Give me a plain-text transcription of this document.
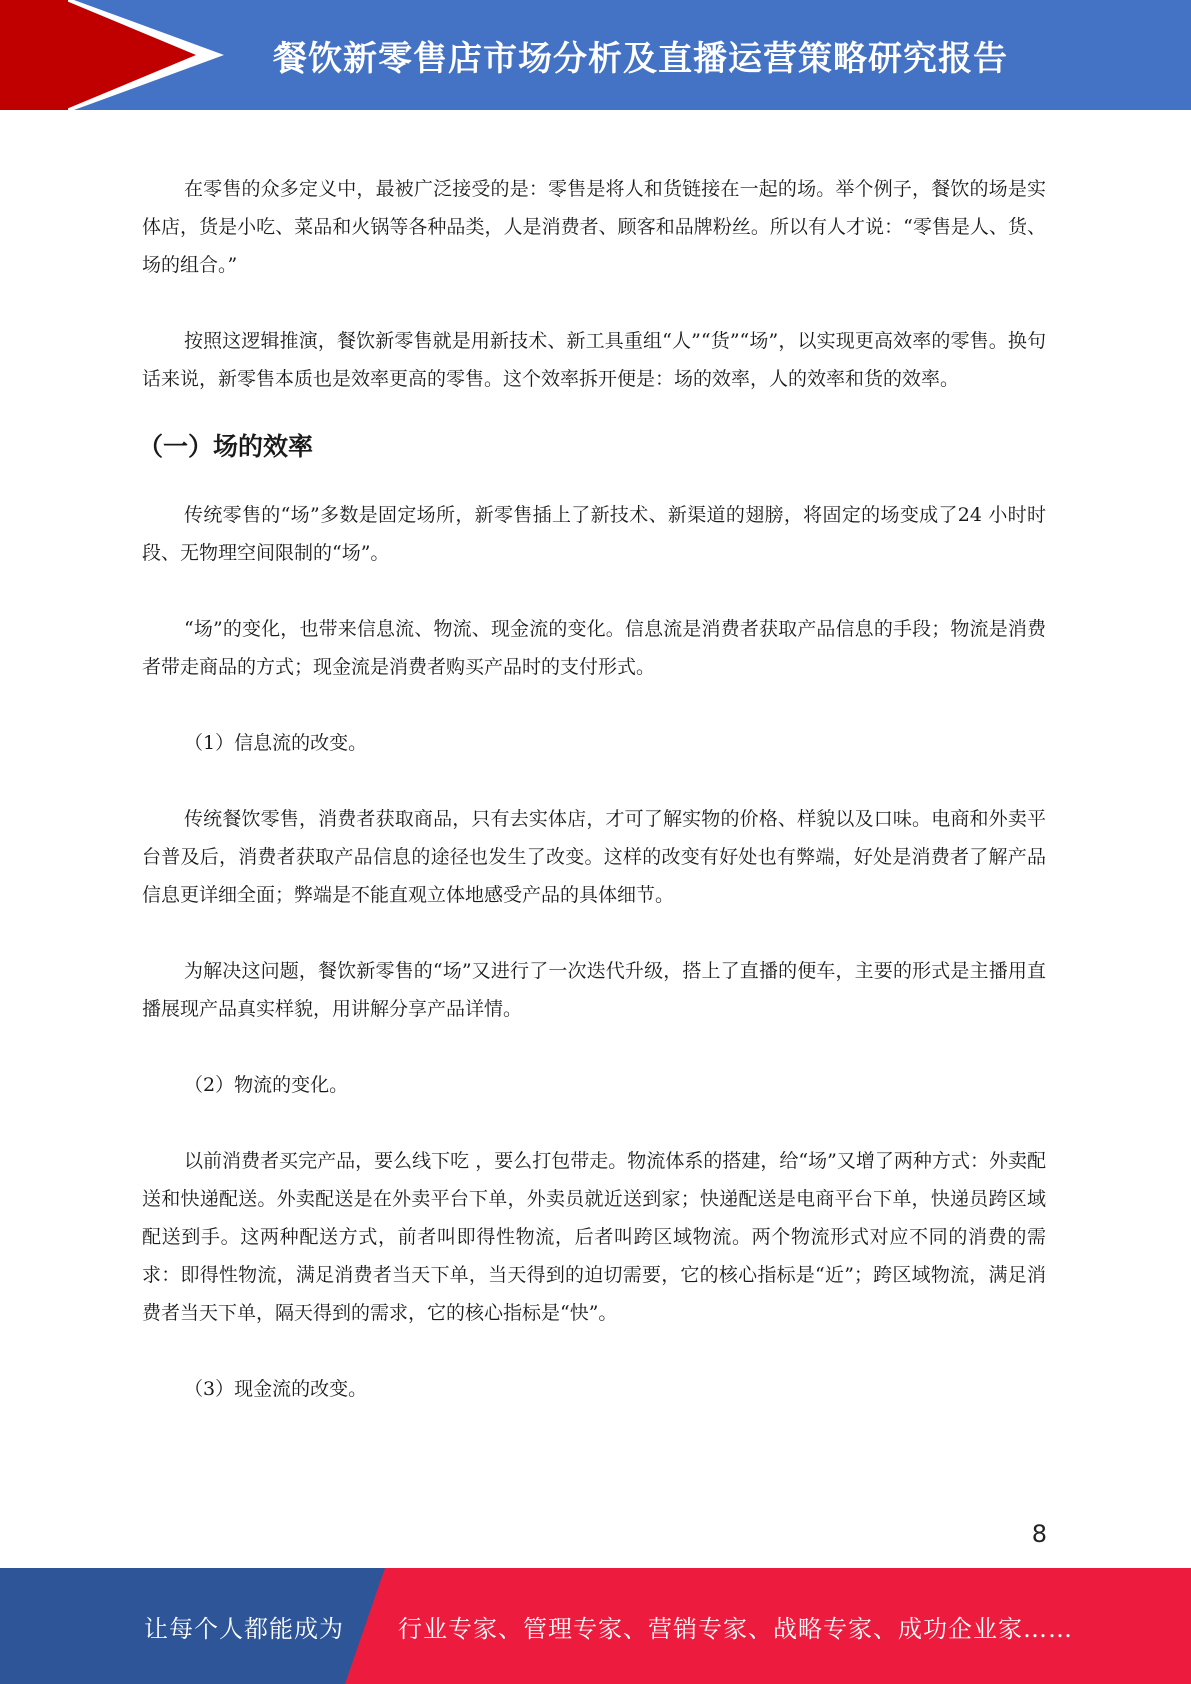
餐饮新零售店市场分析及直播运营策略研究报告

在零售的众多定义中，最被广泛接受的是：零售是将人和货链接在一起的场。举个例子，餐饮的场是实体店，货是小吃、菜品和火锅等各种品类，人是消费者、顾客和品牌粉丝。所以有人才说：“零售是人、货、场的组合。”

按照这逻辑推演，餐饮新零售就是用新技术、新工具重组“人”“货”“场”，以实现更高效率的零售。换句话来说，新零售本质也是效率更高的零售。这个效率拆开便是：场的效率，人的效率和货的效率。

（一）场的效率

传统零售的“场”多数是固定场所，新零售插上了新技术、新渠道的翅膀，将固定的场变成了24 小时时段、无物理空间限制的“场”。

“场”的变化，也带来信息流、物流、现金流的变化。信息流是消费者获取产品信息的手段；物流是消费者带走商品的方式；现金流是消费者购买产品时的支付形式。

（1）信息流的改变。

传统餐饮零售，消费者获取商品，只有去实体店，才可了解实物的价格、样貌以及口味。电商和外卖平台普及后，消费者获取产品信息的途径也发生了改变。这样的改变有好处也有弊端，好处是消费者了解产品信息更详细全面；弊端是不能直观立体地感受产品的具体细节。

为解决这问题，餐饮新零售的“场”又进行了一次迭代升级，搭上了直播的便车，主要的形式是主播用直播展现产品真实样貌，用讲解分享产品详情。

（2）物流的变化。

以前消费者买完产品，要么线下吃 ，要么打包带走。物流体系的搭建，给“场”又增了两种方式：外卖配送和快递配送。外卖配送是在外卖平台下单，外卖员就近送到家；快递配送是电商平台下单，快递员跨区域配送到手。这两种配送方式，前者叫即得性物流，后者叫跨区域物流。两个物流形式对应不同的消费的需求：即得性物流，满足消费者当天下单，当天得到的迫切需要，它的核心指标是“近”；跨区域物流，满足消费者当天下单，隔天得到的需求，它的核心指标是“快”。

（3）现金流的改变。

8
让每个人都能成为 行业专家、管理专家、营销专家、战略专家、成功企业家……
